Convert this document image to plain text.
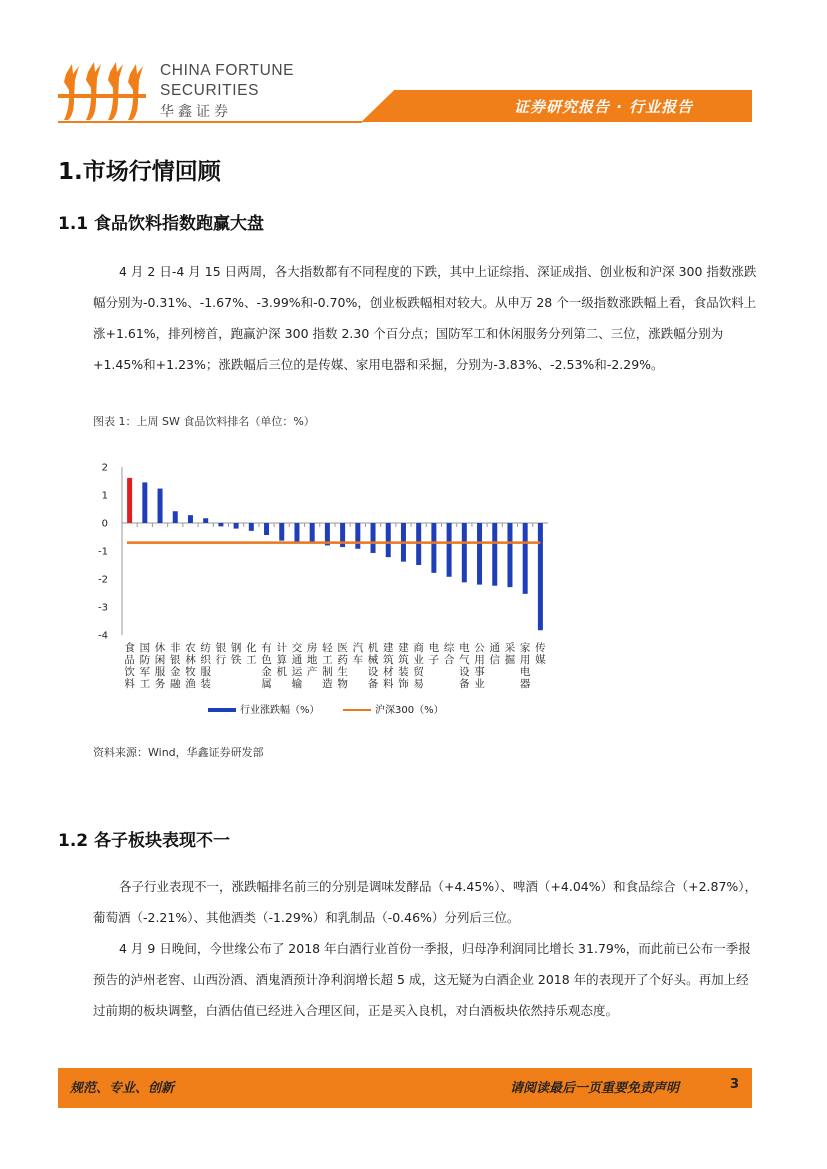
CHINA FORTUNE
SECURITIES
华鑫证券	证券研究报告 · 行业报告
1.市场行情回顾
1.1 食品饮料指数跑赢大盘

4 月 2 日-4 月 15 日两周，各大指数都有不同程度的下跌，其中上证综指、深证成指、创业板和沪深 300 指数涨跌幅分别为-0.31%、-1.67%、-3.99%和-0.70%，创业板跌幅相对较大。从申万 28 个一级指数涨跌幅上看，食品饮料上涨+1.61%，排列榜首，跑赢沪深 300 指数 2.30 个百分点；国防军工和休闲服务分列第二、三位，涨跌幅分别为+1.45%和+1.23%；涨跌幅后三位的是传媒、家用电器和采掘，分别为-3.83%、-2.53%和-2.29%。

图表 1：上周 SW 食品饮料排名（单位：%）
2
1
0
-1
-2
-3
-4
食
品
饮
料
国
防
军
工
休
闲
服
务
非
银
金
融
农
林
牧
渔
纺
织
服
装
银
行
钢
铁
化
工
有
色
金
属
计
算
机
交
通
运
输
房
地
产
轻
工
制
造
医
药
生
物
汽
车
机
械
设
备
建
筑
材
料
建
筑
装
饰
商
业
贸
易
电
子
综
合
电
气
设
备
公
用
事
业
通
信
采
掘
家
用
电
器
传
媒
行业涨跌幅（%）	沪深300（%）
资料来源：Wind，华鑫证券研发部
1.2 各子板块表现不一

各子行业表现不一，涨跌幅排名前三的分别是调味发酵品（+4.45%）、啤酒（+4.04%）和食品综合（+2.87%），葡萄酒（-2.21%）、其他酒类（-1.29%）和乳制品（-0.46%）分列后三位。

4 月 9 日晚间，今世缘公布了 2018 年白酒行业首份一季报，归母净利润同比增长 31.79%，而此前已公布一季报预告的泸州老窖、山西汾酒、酒鬼酒预计净利润增长超 5 成，这无疑为白酒企业 2018 年的表现开了个好头。再加上经过前期的板块调整，白酒估值已经进入合理区间，正是买入良机，对白酒板块依然持乐观态度。

规范、专业、创新	请阅读最后一页重要免责声明	3
